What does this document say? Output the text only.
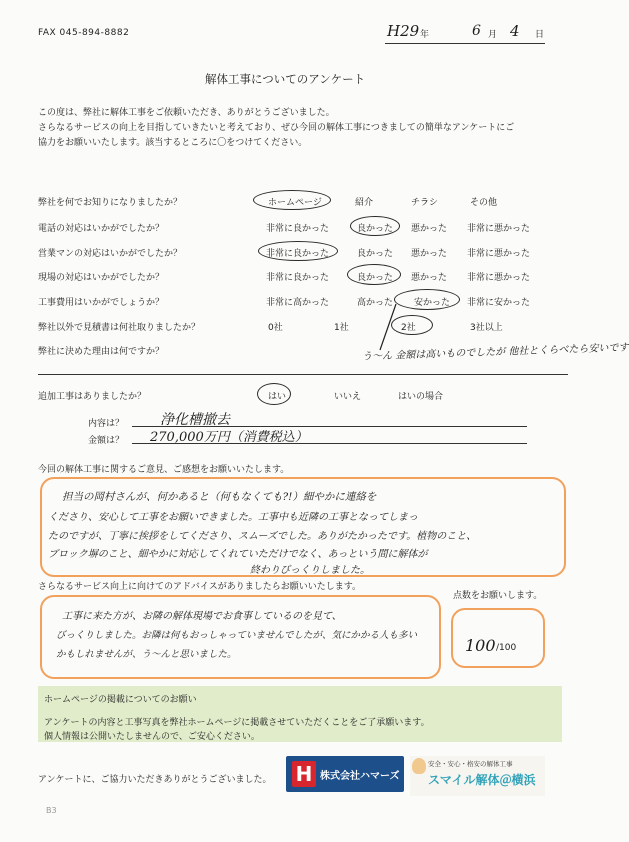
FAX 045-894-8882	H29 年	6 月 4 日
解体工事についてのアンケート
この度は、弊社に解体工事をご依頼いただき、ありがとうございました。
さらなるサービスの向上を目指していきたいと考えており、ぜひ今回の解体工事につきましての簡単なアンケートにご
協力をお願いいたします。該当するところに〇をつけてください。
弊社を何でお知りになりましたか？	ホームページ	紹介	チラシ	その他
電話の対応はいかがでしたか？	非常に良かった	良かった 悪かった 非常に悪かった
営業マンの対応はいかがでしたか？	非常に良かった	良かった 悪かった 非常に悪かった
現場の対応はいかがでしたか？	非常に良かった	良かった 悪かった 非常に悪かった
工事費用はいかがでしょうか？	非常に高かった	高かった 安かった 非常に安かった
弊社以外で見積書は何社取りましたか？	0社	1社	2社	3社以上
弊社に決めた理由は何ですか？	う〜ん 金額は高いものでしたが 他社とくらべたら安いです
追加工事はありましたか？	はい	いいえ	はいの場合
内容は？	浄化槽撤去
金額は？ 270,000万円（消費税込）
今回の解体工事に関するご意見、ご感想をお願いいたします。
担当の岡村さんが、何かあると（何もなくても?!）細やかに連絡を
くださり、安心して工事をお願いできました。工事中も近隣の工事となってしまっ
たのですが、丁寧に挨拶をしてくださり、スムーズでした。ありがたかったです。植物のこと、
ブロック塀のこと、細やかに対応してくれていただけでなく、あっという間に解体が
終わりびっくりしました。
さらなるサービス向上に向けてのアドバイスがありましたらお願いいたします。
工事に来た方が、お隣の解体現場でお食事しているのを見て、
びっくりしました。お隣は何もおっしゃっていませんでしたが、気にかかる人も多い
かもしれませんが、う〜んと思いました。
点数をお願いします。
100 /100
ホームページの掲載についてのお願い
アンケートの内容と工事写真を弊社ホームページに掲載させていただくことをご了承願います。
個人情報は公開いたしませんので、ご安心ください。
アンケートに、ご協力いただきありがとうございました。 H 株式会社ハマーズ
安全・安心・格安の解体工事
スマイル解体＠横浜
B3
